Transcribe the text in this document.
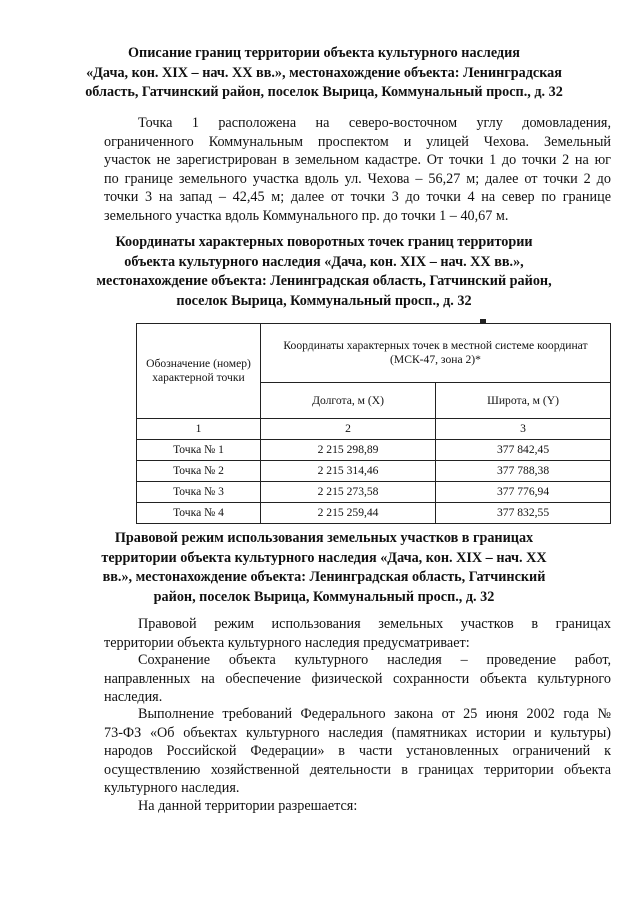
Описание границ территории объекта культурного наследия
«Дача, кон. XIX – нач. XX вв.», местонахождение объекта: Ленинградская
область, Гатчинский район, поселок Вырица, Коммунальный просп., д. 32
Точка 1 расположена на северо-восточном углу домовладения,
ограниченного Коммунальным проспектом и улицей Чехова. Земельный
участок не зарегистрирован в земельном кадастре. От точки 1 до точки 2 на юг
по границе земельного участка вдоль ул. Чехова – 56,27 м; далее от точки 2 до
точки 3 на запад – 42,45 м; далее от точки 3 до точки 4 на север по границе
земельного участка вдоль Коммунального пр. до точки 1 – 40,67 м.
Координаты характерных поворотных точек границ территории
объекта культурного наследия «Дача, кон. XIX – нач. XX вв.»,
местонахождение объекта: Ленинградская область, Гатчинский район,
поселок Вырица, Коммунальный просп., д. 32
Обозначение (номер) характерной точки	Координаты характерных точек в местной системе координат (МСК-47, зона 2)*	
	Долгота, м (X)	Широта, м (Y)
1	2	3
Точка № 1	2 215 298,89	377 842,45
Точка № 2	2 215 314,46	377 788,38
Точка № 3	2 215 273,58	377 776,94
Точка № 4	2 215 259,44	377 832,55
Правовой режим использования земельных участков в границах
территории объекта культурного наследия «Дача, кон. XIX – нач. XX
вв.», местонахождение объекта: Ленинградская область, Гатчинский
район, поселок Вырица, Коммунальный просп., д. 32
Правовой режим использования земельных участков в границах
территории объекта культурного наследия предусматривает:
Сохранение объекта культурного наследия – проведение работ,
направленных на обеспечение физической сохранности объекта культурного
наследия.
Выполнение требований Федерального закона от 25 июня 2002 года №
73-ФЗ «Об объектах культурного наследия (памятниках истории и культуры)
народов Российской Федерации» в части установленных ограничений к
осуществлению хозяйственной деятельности в границах территории объекта
культурного наследия.
На данной территории разрешается:
